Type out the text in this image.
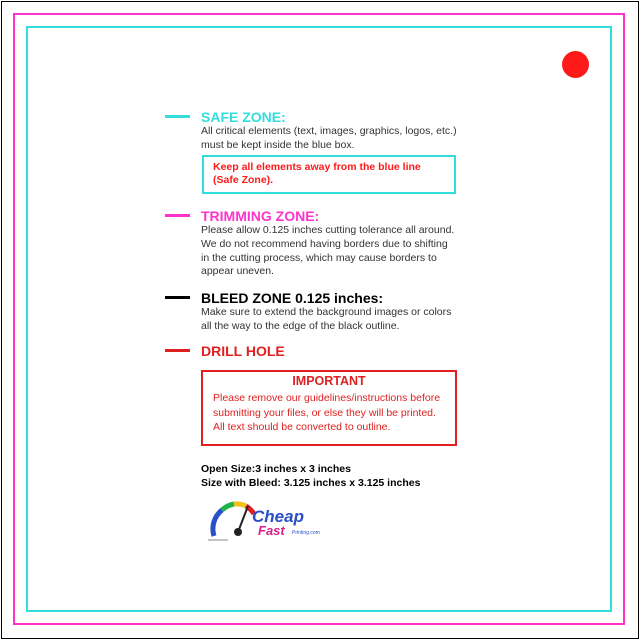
SAFE ZONE:
All critical elements (text, images, graphics, logos, etc.)
must be kept inside the blue box.
Keep all elements away from the blue line
(Safe Zone).
TRIMMING ZONE:
Please allow 0.125 inches cutting tolerance all around.
We do not recommend having borders due to shifting
in the cutting process, which may cause borders to
appear uneven.
BLEED ZONE 0.125 inches:
Make sure to extend the background images or colors
all the way to the edge of the black outline.
DRILL HOLE
IMPORTANT
Please remove our guidelines/instructions before
submitting your files, or else they will be printed.
All text should be converted to outline.
Open Size:3 inches x 3 inches
Size with Bleed: 3.125 inches x 3.125 inches
Cheap
Fast Printing.com
